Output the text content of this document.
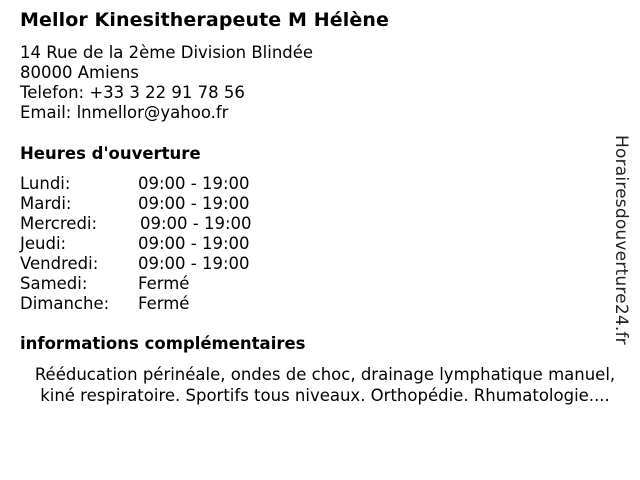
Mellor Kinesitherapeute M Hélène
14 Rue de la 2ème Division Blindée
80000 Amiens
Telefon: +33 3 22 91 78 56
Email: lnmellor@yahoo.fr
Heures d'ouverture
Lundi:	09:00 - 19:00
Mardi:	09:00 - 19:00
Mercredi:	09:00 - 19:00
Jeudi:	09:00 - 19:00
Vendredi: 09:00 - 19:00
Samedi:	Fermé
Dimanche: Fermé
informations complémentaires
Rééducation périnéale, ondes de choc, drainage lymphatique manuel, kiné respiratoire. Sportifs tous niveaux. Orthopédie. Rhumatologie....
Horairesdouverture24.fr
